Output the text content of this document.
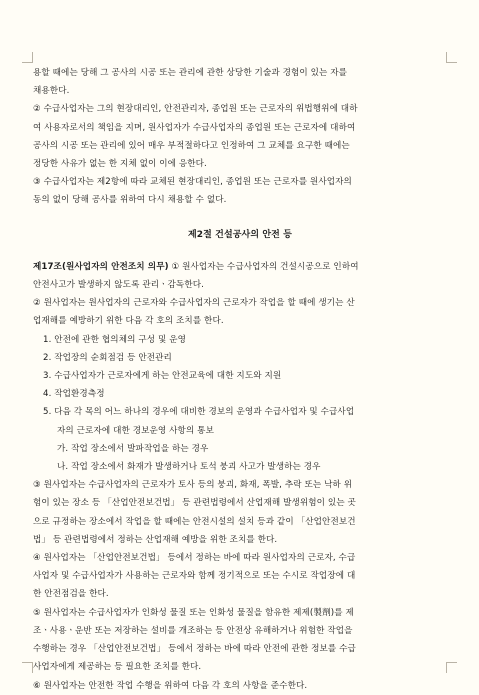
용할 때에는 당해 그 공사의 시공 또는 관리에 관한 상당한 기술과 경험이 있는 자를

채용한다.

② 수급사업자는 그의 현장대리인, 안전관리자, 종업원 또는 근로자의 위법행위에 대하

여 사용자로서의 책임을 지며, 원사업자가 수급사업자의 종업원 또는 근로자에 대하여

공사의 시공 또는 관리에 있어 매우 부적절하다고 인정하여 그 교체를 요구한 때에는

정당한 사유가 없는 한 지체 없이 이에 응한다.

③ 수급사업자는 제2항에 따라 교체된 현장대리인, 종업원 또는 근로자를 원사업자의

동의 없이 당해 공사를 위하여 다시 채용할 수 없다.

제2절 건설공사의 안전 등

제17조(원사업자의 안전조치 의무) ① 원사업자는 수급사업자의 건설시공으로 인하여

안전사고가 발생하지 않도록 관리ㆍ감독한다.

② 원사업자는 원사업자의 근로자와 수급사업자의 근로자가 작업을 할 때에 생기는 산

업재해를 예방하기 위한 다음 각 호의 조치를 한다.

1. 안전에 관한 협의체의 구성 및 운영

2. 작업장의 순회점검 등 안전관리

3. 수급사업자가 근로자에게 하는 안전교육에 대한 지도와 지원

4. 작업환경측정

5. 다음 각 목의 어느 하나의 경우에 대비한 경보의 운영과 수급사업자 및 수급사업

자의 근로자에 대한 경보운영 사항의 통보

가. 작업 장소에서 발파작업을 하는 경우

나. 작업 장소에서 화재가 발생하거나 토석 붕괴 사고가 발생하는 경우

③ 원사업자는 수급사업자의 근로자가 토사 등의 붕괴, 화재, 폭발, 추락 또는 낙하 위

험이 있는 장소 등 「산업안전보건법」 등 관련법령에서 산업재해 발생위험이 있는 곳

으로 규정하는 장소에서 작업을 할 때에는 안전시설의 설치 등과 같이 「산업안전보건

법」 등 관련법령에서 정하는 산업재해 예방을 위한 조치를 한다.

④ 원사업자는 「산업안전보건법」 등에서 정하는 바에 따라 원사업자의 근로자, 수급

사업자 및 수급사업자가 사용하는 근로자와 함께 정기적으로 또는 수시로 작업장에 대

한 안전점검을 한다.

⑤ 원사업자는 수급사업자가 인화성 물질 또는 인화성 물질을 함유한 제제(製劑)를 제

조ㆍ사용ㆍ운반 또는 저장하는 설비를 개조하는 등 안전상 유해하거나 위험한 작업을

수행하는 경우 「산업안전보건법」 등에서 정하는 바에 따라 안전에 관한 정보를 수급

사업자에게 제공하는 등 필요한 조치를 한다.

⑥ 원사업자는 안전한 작업 수행을 위하여 다음 각 호의 사항을 준수한다.
